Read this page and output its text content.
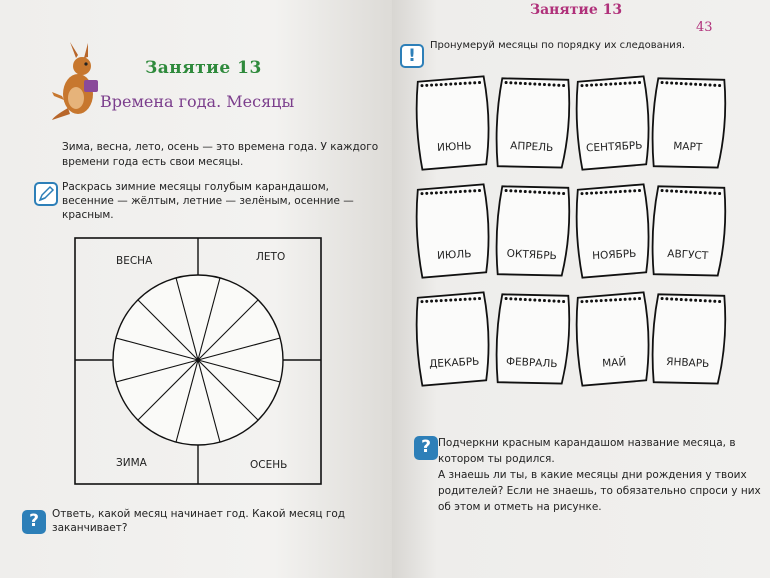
Занятие 13
Времена года. Месяцы
Зима, весна, лето, осень — это времена года. У каждого времени года есть свои месяцы.
Раскрась зимние месяцы голубым карандашом, весенние — жёлтым, летние — зелёным, осенние — красным.
ВЕСНА	ЛЕТО
ЗИМА	ОСЕНЬ
?	Ответь, какой месяц начинает год. Какой месяц год заканчивает?
Занятие 13
43
!
Пронумеруй месяцы по порядку их следования.
ИЮНЬ	АПРЕЛЬ	СЕНТЯБРЬ	МАРТ
ИЮЛЬ	ОКТЯБРЬ	НОЯБРЬ	АВГУСТ
ДЕКАБРЬ ФЕВРАЛЬ	МАЙ	ЯНВАРЬ
? Подчеркни красным карандашом название месяца, в котором ты родился.
А знаешь ли ты, в какие месяцы дни рождения у твоих родителей? Если не знаешь, то обязательно спроси у них об этом и отметь на рисунке.
